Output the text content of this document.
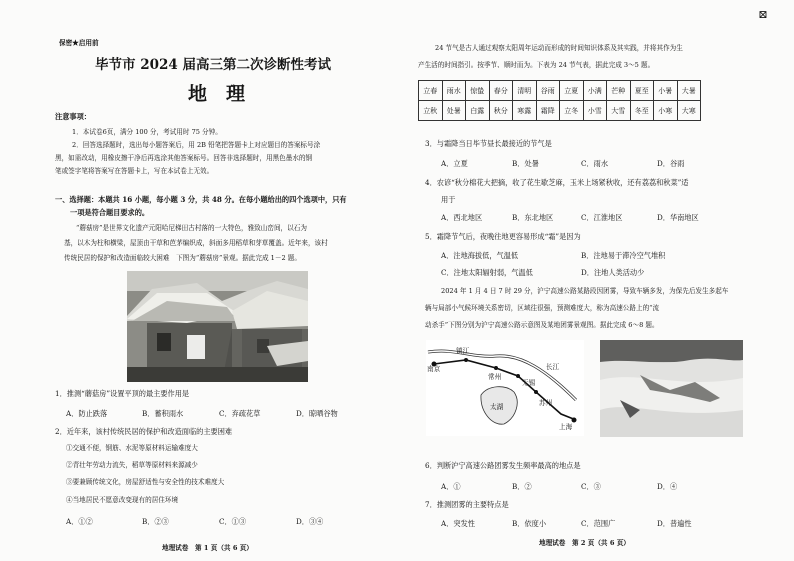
保密★启用前
毕节市 2024 届高三第二次诊断性考试
地　理
注意事项：
1．本试卷6页，满分 100 分，考试用时 75 分钟。
2．回答选择题时，选出每小题答案后，用 2B 铅笔把答题卡上对应题目的答案标号涂
黑，如需改动，用橡皮擦干净后再选涂其他答案标号。回答非选择题时，用黑色墨水的钢
笔或签字笔将答案写在答题卡上，写在本试卷上无效。
一、选择题：本题共 16 小题，每小题 3 分，共 48 分。在每小题给出的四个选项中，只有
一项是符合题目要求的。
“蘑菇房”是世界文化遗产元阳哈尼梯田古村落的一大特色，雅致山峦间，以石为
基，以木为柱和横梁，屋顶由干草和芭茅编织成，斜面多用稻草和芽草覆盖。近年来，该村
传统民居的保护和改造面临较大困难　下图为“蘑菇房”景观。据此完成 1－2 题。
1．推测“蘑菇房”设置平顶的最主要作用是
A．防止跌落	B．蓄积雨水	C．弃疏花草	D．晾晒谷物
2．近年来，该村传统民居的保护和改造面临的主要困难
①交通不便，钢筋、水泥等原材料运输难度大
②青壮年劳动力流失，稻草等原材料来源减少
③要兼顾传统文化，房屋舒适性与安全性的技术难度大
④当地居民不愿意改变现有的居住环境
A．①②	B．②③	C．①③	D．③④
地理试卷　第 1 页（共 6 页）
⊠
24 节气是古人通过观察太阳周年运动而形成的时间知识体系及其实践，并将其作为生
产生活的时间指引。按季节、顺时而为。下表为 24 节气表，据此完成 3～5 题。
立春	雨水	惊蛰	春分	清明	谷雨	立夏	小满	芒种	夏至	小暑	大暑
立秋	处暑	白露	秋分	寒露	霜降	立冬	小雪	大雪	冬至	小寒	大寒
3．与霜降当日毕节昼长最接近的节气是
A．立夏	B．处暑	C．雨水	D．谷雨
4．农谚“秋分棉花大把摘，收了花生歇芝麻，玉米上场紧秋收，还有荔荔和秋菜”适
用于
A．西北地区	B．东北地区	C．江淮地区	D．华南地区
5．霜降节气后，夜晚往地更容易形成“霜”是因为
A．注地海拔低，气温低	B．注地易于滞冷空气堆积
C．注地太阳辐射弱，气温低	D．注地人类活动少
2024 年 1 月 4 日 7 时 29 分，沪宁高速公路某路段因团雾，导致车辆多发，为保先后发生多起车
辆与局部小气候环境关系密切，区域往很强，预测难度大，称为高速公路上的“流
动杀手”下图分别为沪宁高速公路示意图及某地团雾景观图。据此完成 6～8 题。
南京
镇江
常州
无锡
苏州
上海
太湖
长江
6．判断沪宁高速公路团雾发生频率最高的地点是
A．①	B．②	C．③	D．④
7．推测团雾的主要特点是
A．突发性	B．依度小	C．范围广	D．普遍性
地理试卷　第 2 页（共 6 页）
